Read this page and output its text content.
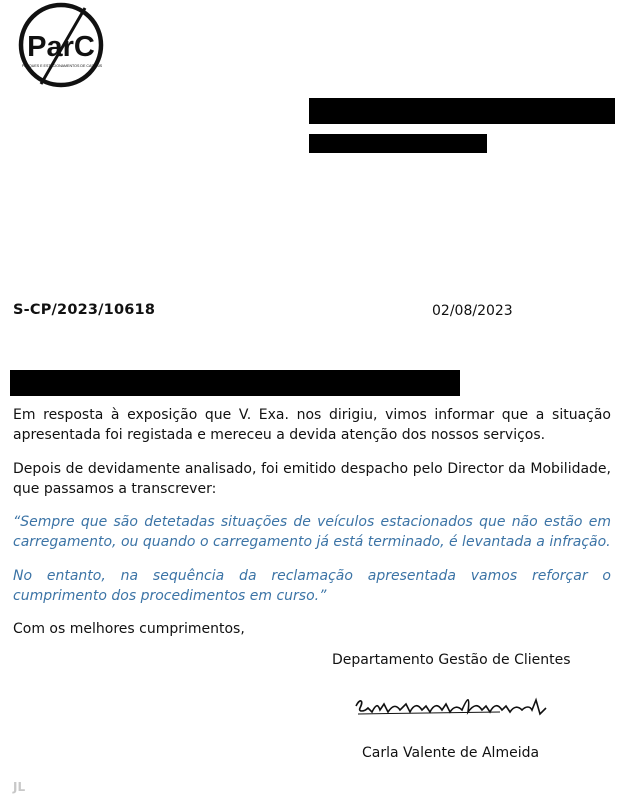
ParC
PARQUES E ESTACIONAMENTOS DE CASCAIS
S-CP/2023/10618	02/08/2023

Em resposta à exposição que V. Exa. nos dirigiu, vimos informar que a situação apresentada foi registada e mereceu a devida atenção dos nossos serviços.

Depois de devidamente analisado, foi emitido despacho pelo Director da Mobilidade, que passamos a transcrever:

“Sempre que são detetadas situações de veículos estacionados que não estão em carregamento, ou quando o carregamento já está terminado, é levantada a infração.

No entanto, na sequência da reclamação apresentada vamos reforçar o cumprimento dos procedimentos em curso.”

Com os melhores cumprimentos,

Departamento Gestão de Clientes
Carla Valente de Almeida
JL
